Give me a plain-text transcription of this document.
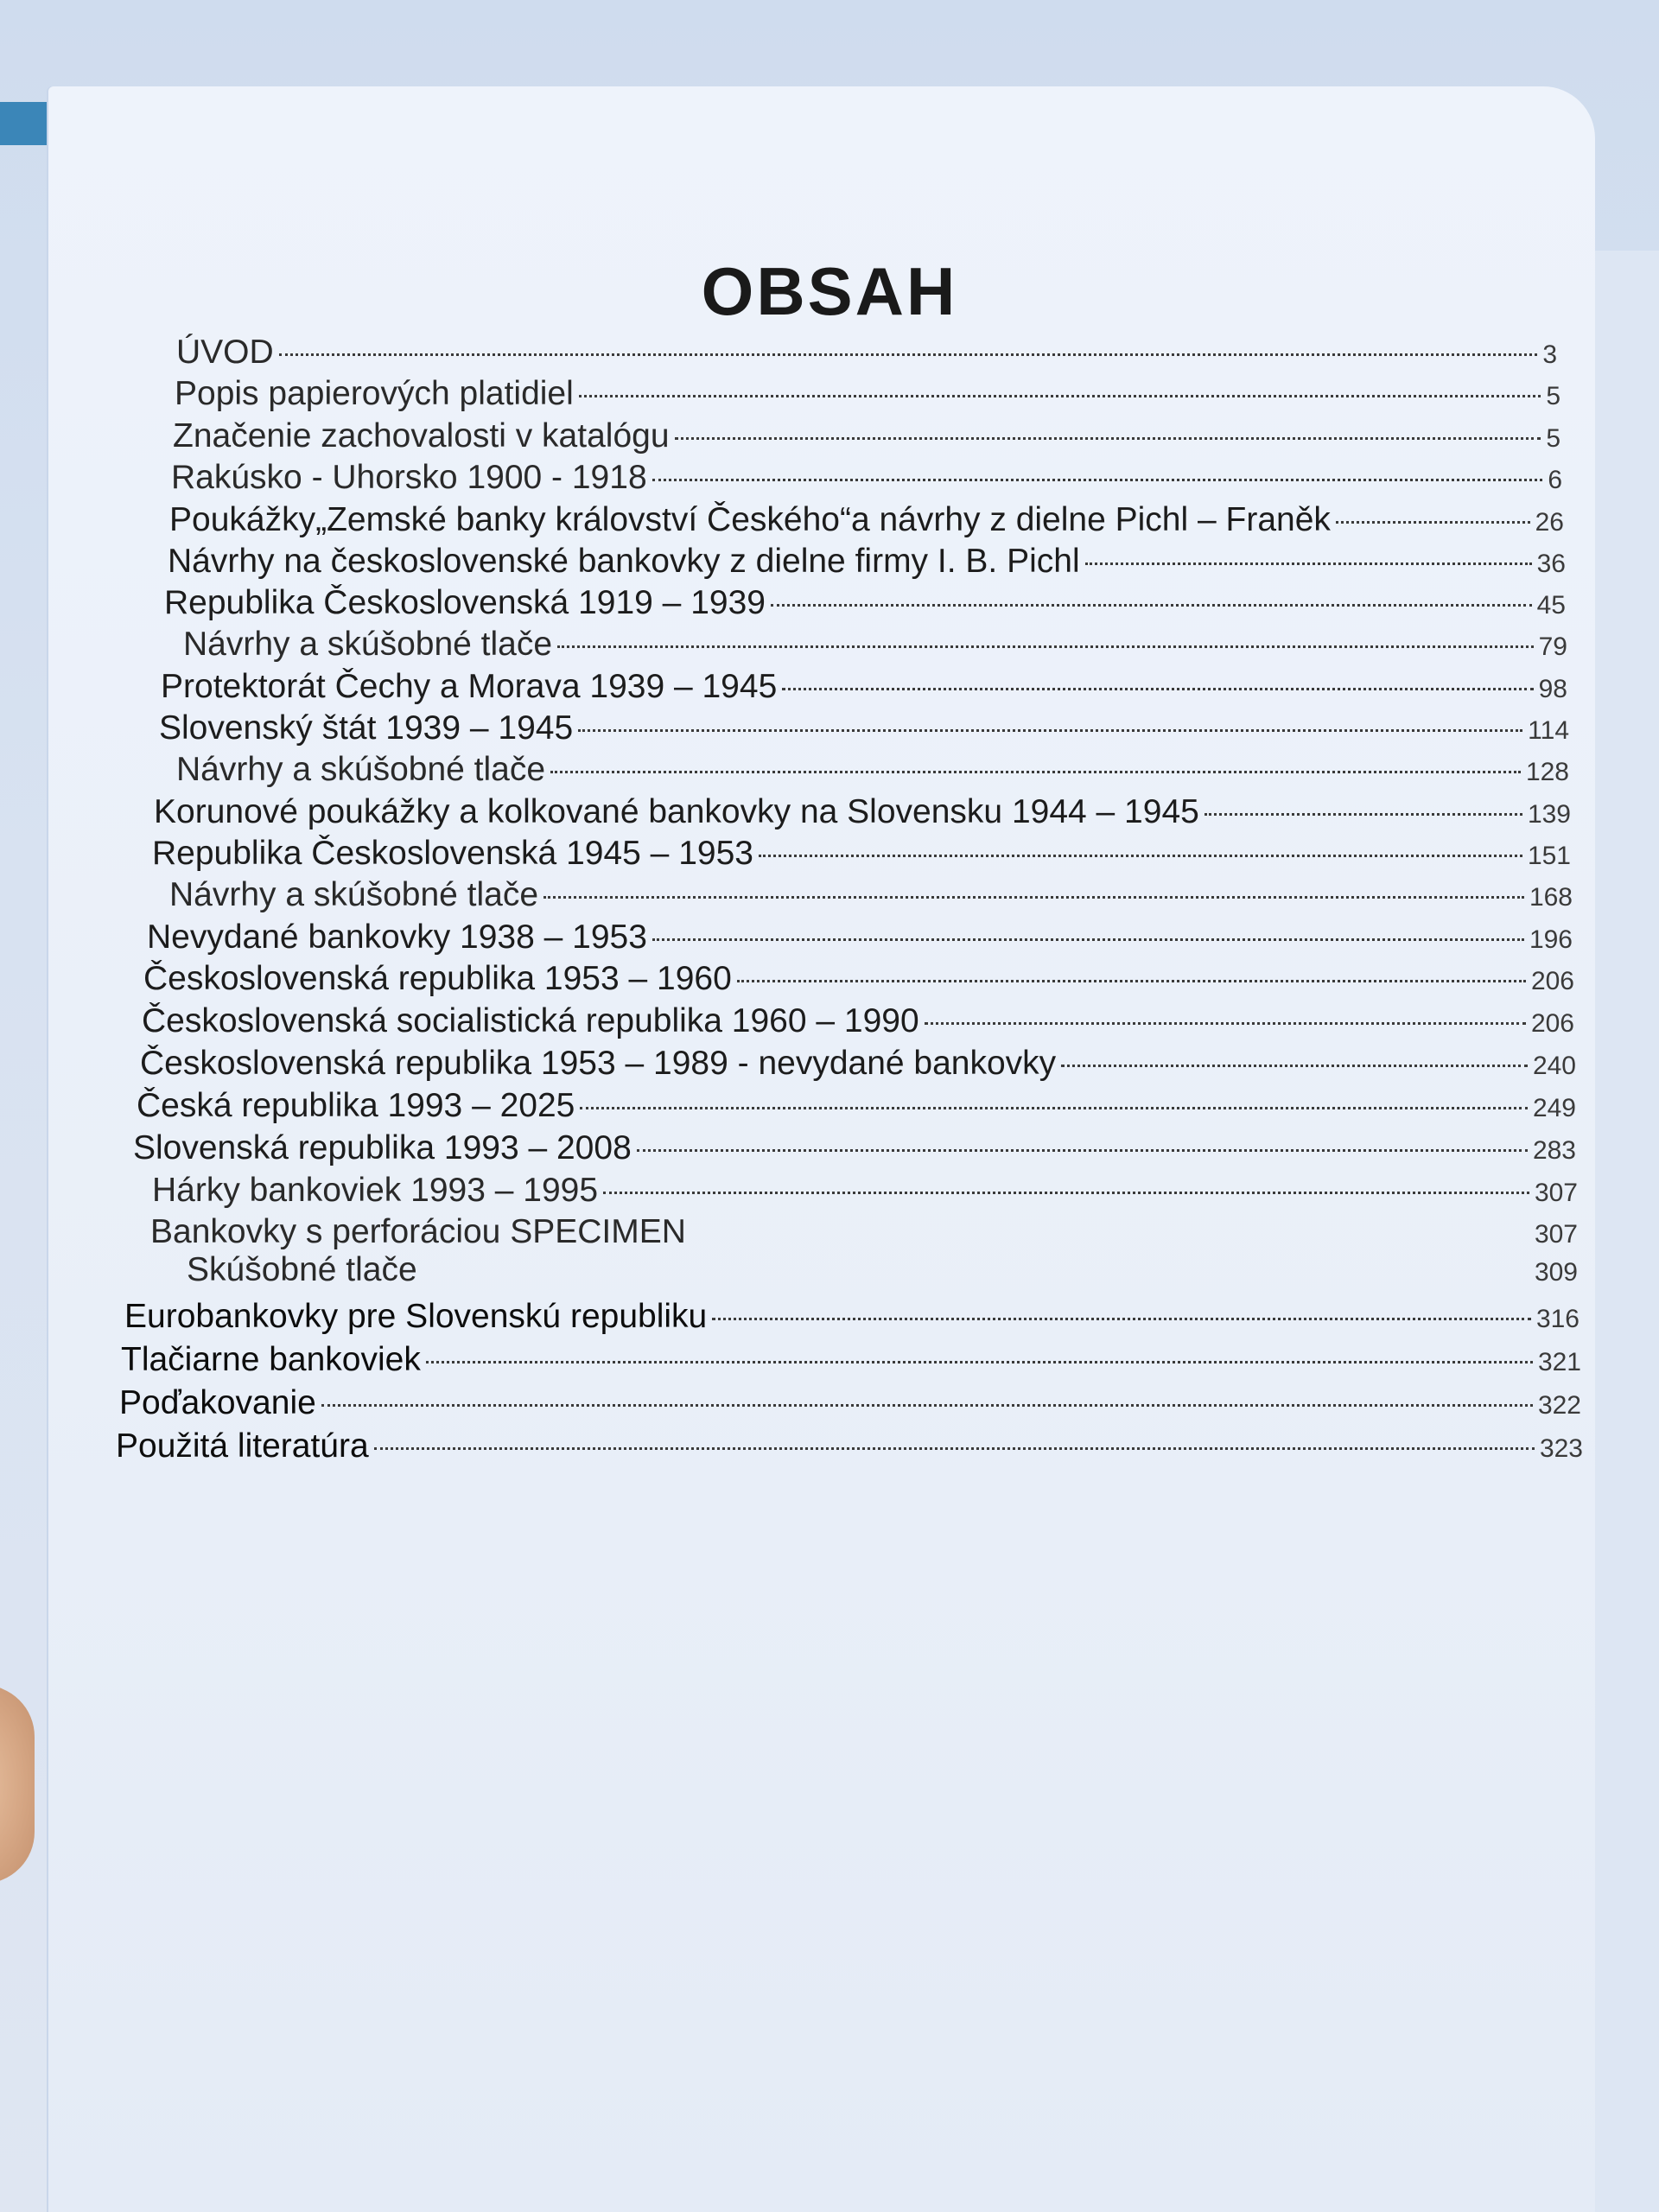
OBSAH
ÚVOD	3
Popis papierových platidiel	5
Značenie zachovalosti v katalógu	5
Rakúsko - Uhorsko 1900 - 1918	6
Poukážky„Zemské banky království Českého“a návrhy z dielne Pichl – Franěk	26
Návrhy na československé bankovky z dielne firmy I. B. Pichl	36
Republika Československá 1919 – 1939	45
Návrhy a skúšobné tlače	79
Protektorát Čechy a Morava 1939 – 1945	98
Slovenský štát 1939 – 1945	114
Návrhy a skúšobné tlače	128
Korunové poukážky a kolkované bankovky na Slovensku 1944 – 1945	139
Republika Československá 1945 – 1953	151
Návrhy a skúšobné tlače	168
Nevydané bankovky 1938 – 1953	196
Československá republika 1953 – 1960	206
Československá socialistická republika 1960 – 1990	206
Československá republika 1953 – 1989 - nevydané bankovky	240
Česká republika 1993 – 2025	249
Slovenská republika 1993 – 2008	283
Hárky bankoviek 1993 – 1995	307
Bankovky s perforáciou SPECIMEN	307
Skúšobné tlače	309
Eurobankovky pre Slovenskú republiku	316
Tlačiarne bankoviek	321
Poďakovanie	322
Použitá literatúra	323
